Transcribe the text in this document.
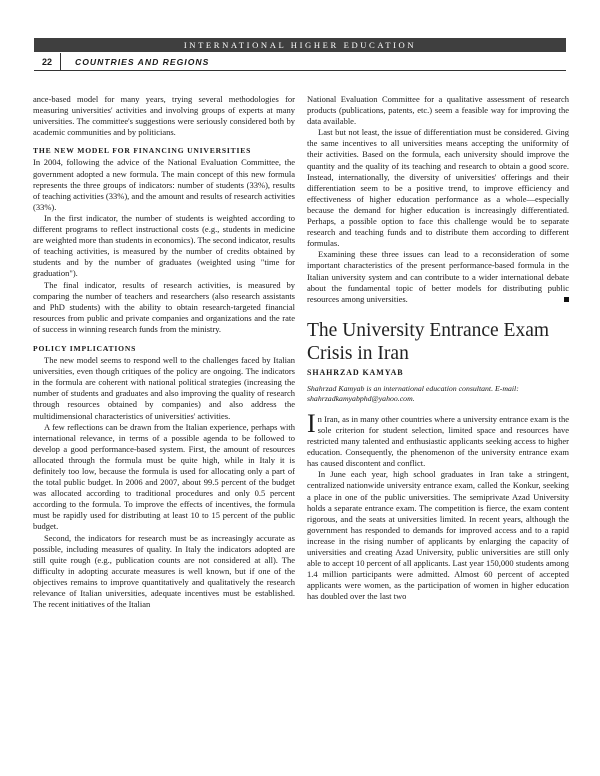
INTERNATIONAL HIGHER EDUCATION
22	COUNTRIES AND REGIONS

ance-based model for many years, trying several methodologies for measuring universities' activities and involving groups of experts at many universities. The committee's suggestions were seriously considered both by academic communities and by politicians.

THE NEW MODEL FOR FINANCING UNIVERSITIES

In 2004, following the advice of the National Evaluation Committee, the government adopted a new formula. The main concept of this new formula represents the three groups of indicators: number of students (33%), results of teaching activities (33%), and the amount and results of research activities (33%).

In the first indicator, the number of students is weighted according to different programs to reflect instructional costs (e.g., students in medicine are weighted more than students in economics). The second indicator, results of teaching activities, is measured by the number of credits obtained by students and by the number of graduates (weighted using "time for graduation").

The final indicator, results of research activities, is measured by comparing the number of teachers and researchers (also research assistants and PhD students) with the ability to obtain research-targeted financial resources from public and private companies and organizations and the rate of success in winning research funds from the ministry.

POLICY IMPLICATIONS

The new model seems to respond well to the challenges faced by Italian universities, even though critiques of the policy are ongoing. The indicators in the formula are coherent with national political strategies (increasing the number of students and graduates and also improving the quality of research through resources obtained by companies) and also address the multidimensional characteristics of universities' activities.

A few reflections can be drawn from the Italian experience, perhaps with international relevance, in terms of a possible agenda to be followed to develop a good performance-based system. First, the amount of resources allocated through the formula must be quite high, while in Italy it is definitely too low, because the formula is used for allocating only a part of the total public budget. In 2006 and 2007, about 99.5 percent of the budget was allocated according to traditional procedures and only 0.5 percent according to the formula. To improve the effects of incentives, the formula must be rapidly used for distributing at least 10 to 15 percent of the public budget.

Second, the indicators for research must be as increasingly accurate as possible, including measures of quality. In Italy the indicators adopted are still quite rough (e.g., publication counts are not considered at all). The difficulty in adopting accurate measures is well known, but if one of the objectives remains to improve quantitatively and qualitatively the research relevance of Italian universities, adequate incentives must be established. The recent initiatives of the Italian

National Evaluation Committee for a qualitative assessment of research products (publications, patents, etc.) seem a feasible way for improving the data available.

Last but not least, the issue of differentiation must be considered. Giving the same incentives to all universities means accepting the uniformity of their activities. Based on the formula, each university should improve the quantity and the quality of its teaching and research to obtain a good score. Instead, internationally, the diversity of universities' offerings and their differentiation seem to be a positive trend, to improve efficiency and effectiveness of higher education performance as a whole—especially because the demand for higher education is increasingly differentiated. Perhaps, a possible option to face this challenge would be to separate research and teaching funds and to distribute them according to different formulas.

Examining these three issues can lead to a reconsideration of some important characteristics of the present performance-based formula in the Italian university system and can contribute to a wider international debate about the fundamental topic of better models for distributing public resources among universities.

The University Entrance Exam Crisis in Iran
SHAHRZAD KAMYAB
Shahrzad Kamyab is an international education consultant. E-mail: shahrzadkamyabphd@yahoo.com.

In Iran, as in many other countries where a university entrance exam is the sole criterion for student selection, limited space and resources have restricted many talented and enthusiastic applicants seeking access to higher education. Consequently, the phenomenon of the university entrance exam has caused discontent and conflict.

In June each year, high school graduates in Iran take a stringent, centralized nationwide university entrance exam, called the Konkur, seeking a place in one of the public universities. The semiprivate Azad University holds a separate entrance exam. The competition is fierce, the exam content rigorous, and the seats at universities limited. In recent years, although the government has responded to demands for improved access and to a rapid increase in the rising number of applicants by enlarging the capacity of universities and creating Azad University, public universities are still only able to accept 10 percent of all applicants. Last year 150,000 students among 1.4 million participants were admitted. Almost 60 percent of accepted applicants were women, as the participation of women in higher education has doubled over the last two
